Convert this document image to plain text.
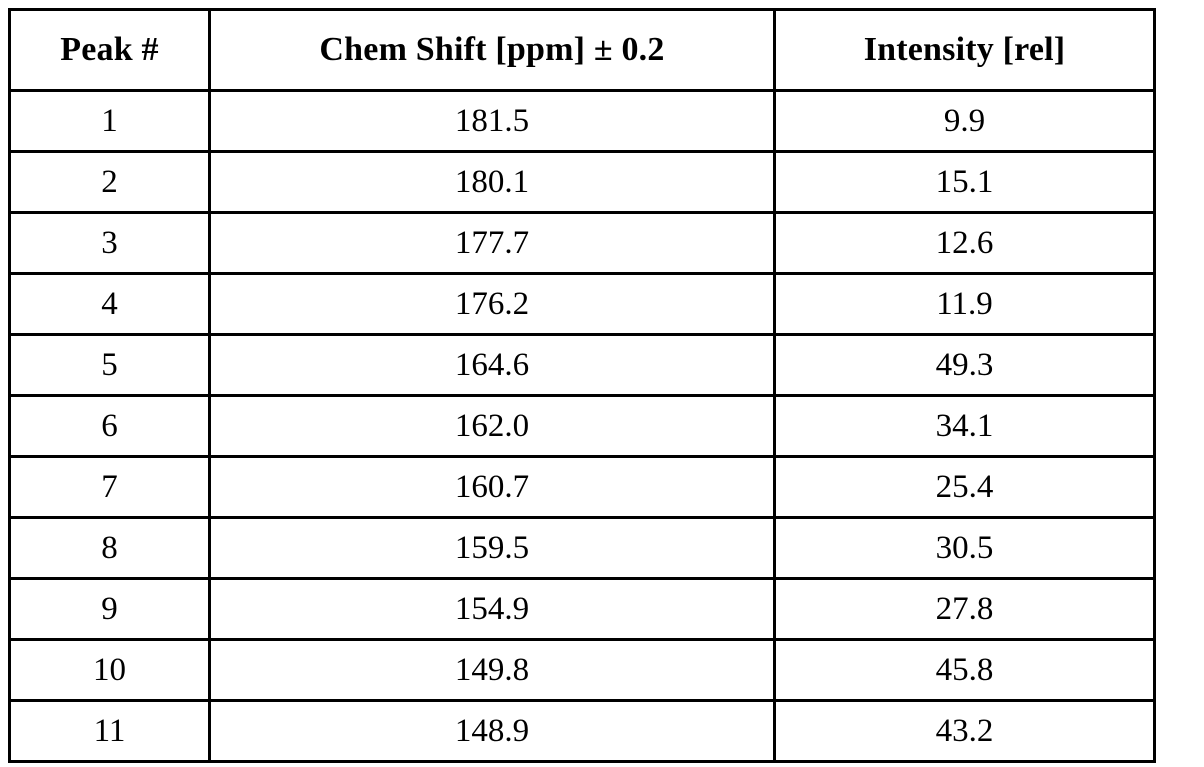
Peak #	Chem Shift [ppm] ± 0.2	Intensity [rel]
1	181.5	9.9
2	180.1	15.1
3	177.7	12.6
4	176.2	11.9
5	164.6	49.3
6	162.0	34.1
7	160.7	25.4
8	159.5	30.5
9	154.9	27.8
10	149.8	45.8
11	148.9	43.2
